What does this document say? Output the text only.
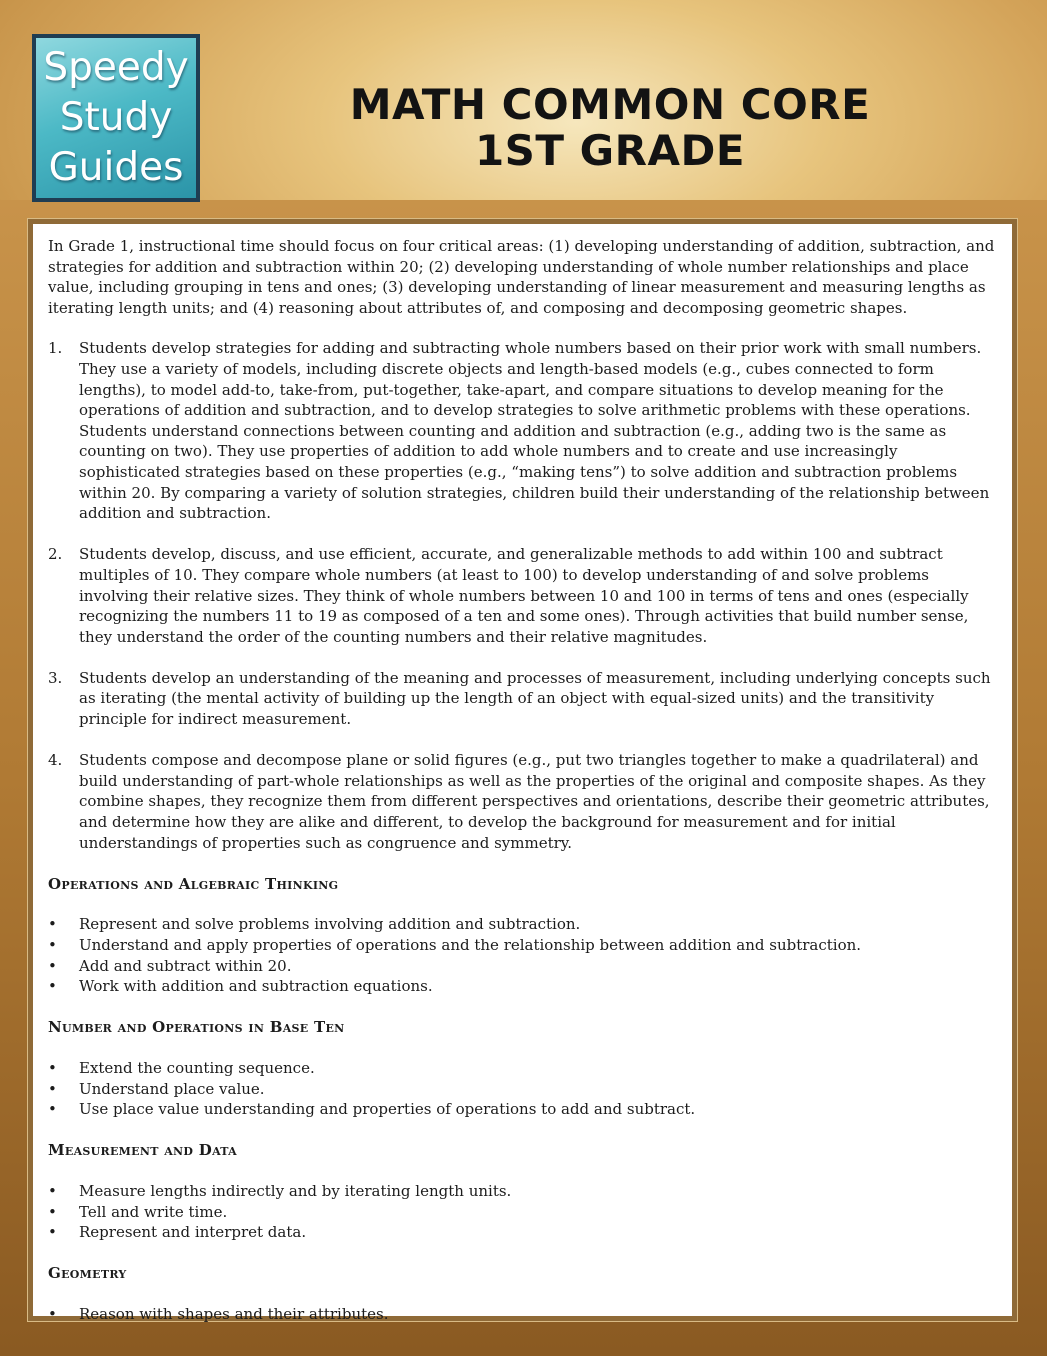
Speedy
Study
Guides
MATH COMMON CORE
1ST GRADE

In Grade 1, instructional time should focus on four critical areas: (1) developing understanding of addition, subtraction, and strategies for addition and subtraction within 20; (2) developing understanding of whole number relationships and place value, including grouping in tens and ones; (3) developing understanding of linear measurement and measuring lengths as iterating length units; and (4) reasoning about attributes of, and composing and decomposing geometric shapes.

1. Students develop strategies for adding and subtracting whole numbers based on their prior work with small numbers. They use a variety of models, including discrete objects and length-based models (e.g., cubes connected to form lengths), to model add-to, take-from, put-together, take-apart, and compare situations to develop meaning for the operations of addition and subtraction, and to develop strategies to solve arithmetic problems with these operations. Students understand connections between counting and addition and subtraction (e.g., adding two is the same as counting on two). They use properties of addition to add whole numbers and to create and use increasingly sophisticated strategies based on these properties (e.g., “making tens”) to solve addition and subtraction problems within 20. By comparing a variety of solution strategies, children build their understanding of the relationship between addition and subtraction.
2. Students develop, discuss, and use efficient, accurate, and generalizable methods to add within 100 and subtract multiples of 10. They compare whole numbers (at least to 100) to develop understanding of and solve problems involving their relative sizes. They think of whole numbers between 10 and 100 in terms of tens and ones (especially recognizing the numbers 11 to 19 as composed of a ten and some ones). Through activities that build number sense, they understand the order of the counting numbers and their relative magnitudes.
3. Students develop an understanding of the meaning and processes of measurement, including underlying concepts such as iterating (the mental activity of building up the length of an object with equal-sized units) and the transitivity principle for indirect measurement.
4. Students compose and decompose plane or solid figures (e.g., put two triangles together to make a quadrilateral) and build understanding of part-whole relationships as well as the properties of the original and composite shapes. As they combine shapes, they recognize them from different perspectives and orientations, describe their geometric attributes, and determine how they are alike and different, to develop the background for measurement and for initial understandings of properties such as congruence and symmetry.
Operations and Algebraic Thinking
• Represent and solve problems involving addition and subtraction.
• Understand and apply properties of operations and the relationship between addition and subtraction.
• Add and subtract within 20.
• Work with addition and subtraction equations.
Number and Operations in Base Ten
• Extend the counting sequence.
• Understand place value.
• Use place value understanding and properties of operations to add and subtract.
Measurement and Data
• Measure lengths indirectly and by iterating length units.
• Tell and write time.
• Represent and interpret data.
Geometry
• Reason with shapes and their attributes.
